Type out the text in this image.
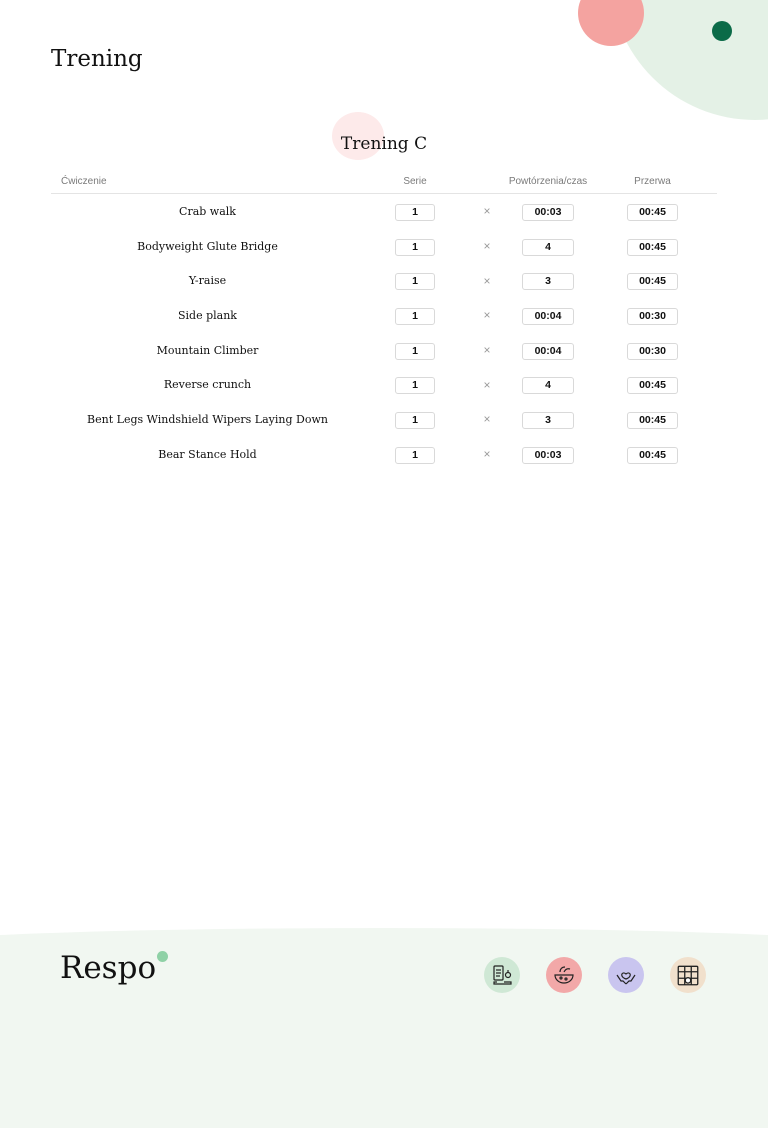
Trening
Trening C
Ćwiczenie	Serie		Powtórzenia/czas	Przerwa
Crab walk	1	×	00:03	00:45
Bodyweight Glute Bridge	1	×	4	00:45
Y-raise	1	×	3	00:45
Side plank	1	×	00:04	00:30
Mountain Climber	1	×	00:04	00:30
Reverse crunch	1	×	4	00:45
Bent Legs Windshield Wipers Laying Down	1	×	3	00:45
Bear Stance Hold	1	×	00:03	00:45
Respo
